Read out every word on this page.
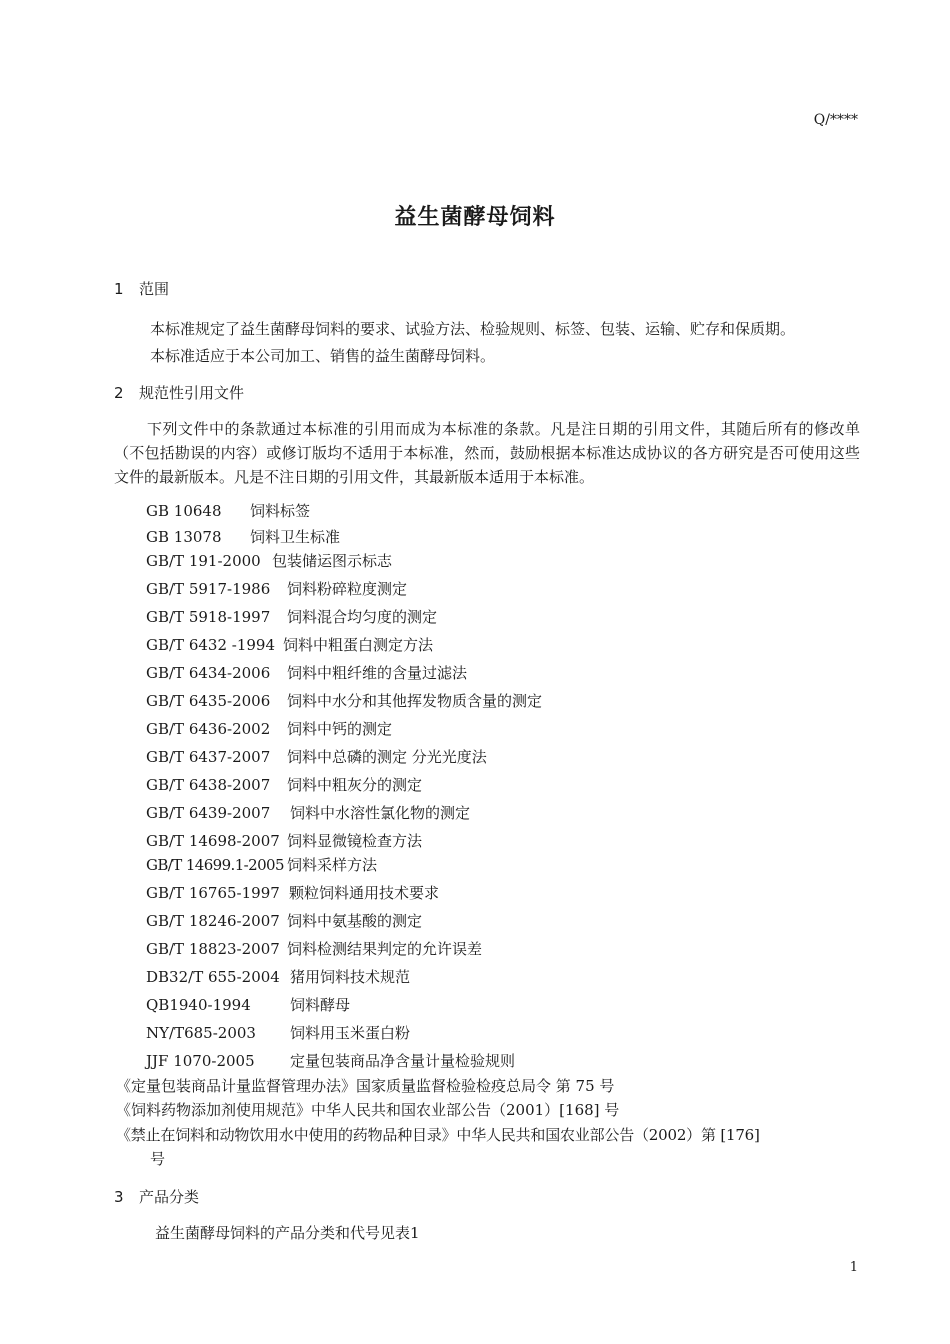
Q/****
益生菌酵母饲料
1 范围
本标准规定了益生菌酵母饲料的要求、试验方法、检验规则、标签、包装、运输、贮存和保质期。
本标准适应于本公司加工、销售的益生菌酵母饲料。
2 规范性引用文件
下列文件中的条款通过本标准的引用而成为本标准的条款。凡是注日期的引用文件，其随后所有的修改单（不包括勘误的内容）或修订版均不适用于本标准，然而，鼓励根据本标准达成协议的各方研究是否可使用这些文件的最新版本。凡是不注日期的引用文件，其最新版本适用于本标准。
GB 10648 饲料标签
GB 13078 饲料卫生标准
GB/T 191-2000 包装储运图示标志
GB/T 5917-1986 饲料粉碎粒度测定
GB/T 5918-1997 饲料混合均匀度的测定
GB/T 6432 -1994 饲料中粗蛋白测定方法
GB/T 6434-2006 饲料中粗纤维的含量过滤法
GB/T 6435-2006 饲料中水分和其他挥发物质含量的测定
GB/T 6436-2002 饲料中钙的测定
GB/T 6437-2007 饲料中总磷的测定 分光光度法
GB/T 6438-2007 饲料中粗灰分的测定
GB/T 6439-2007 饲料中水溶性氯化物的测定
GB/T 14698-2007 饲料显微镜检查方法
GB/T 14699.1-2005 饲料采样方法
GB/T 16765-1997 颗粒饲料通用技术要求
GB/T 18246-2007 饲料中氨基酸的测定
GB/T 18823-2007 饲料检测结果判定的允许误差
DB32/T 655-2004 猪用饲料技术规范
QB1940-1994	饲料酵母
NY/T685-2003 饲料用玉米蛋白粉
JJF 1070-2005 定量包装商品净含量计量检验规则
《定量包装商品计量监督管理办法》国家质量监督检验检疫总局令 第 75 号
《饲料药物添加剂使用规范》中华人民共和国农业部公告（2001）[168] 号
《禁止在饲料和动物饮用水中使用的药物品种目录》中华人民共和国农业部公告（2002）第 [176]
号
3 产品分类
益生菌酵母饲料的产品分类和代号见表1
1
